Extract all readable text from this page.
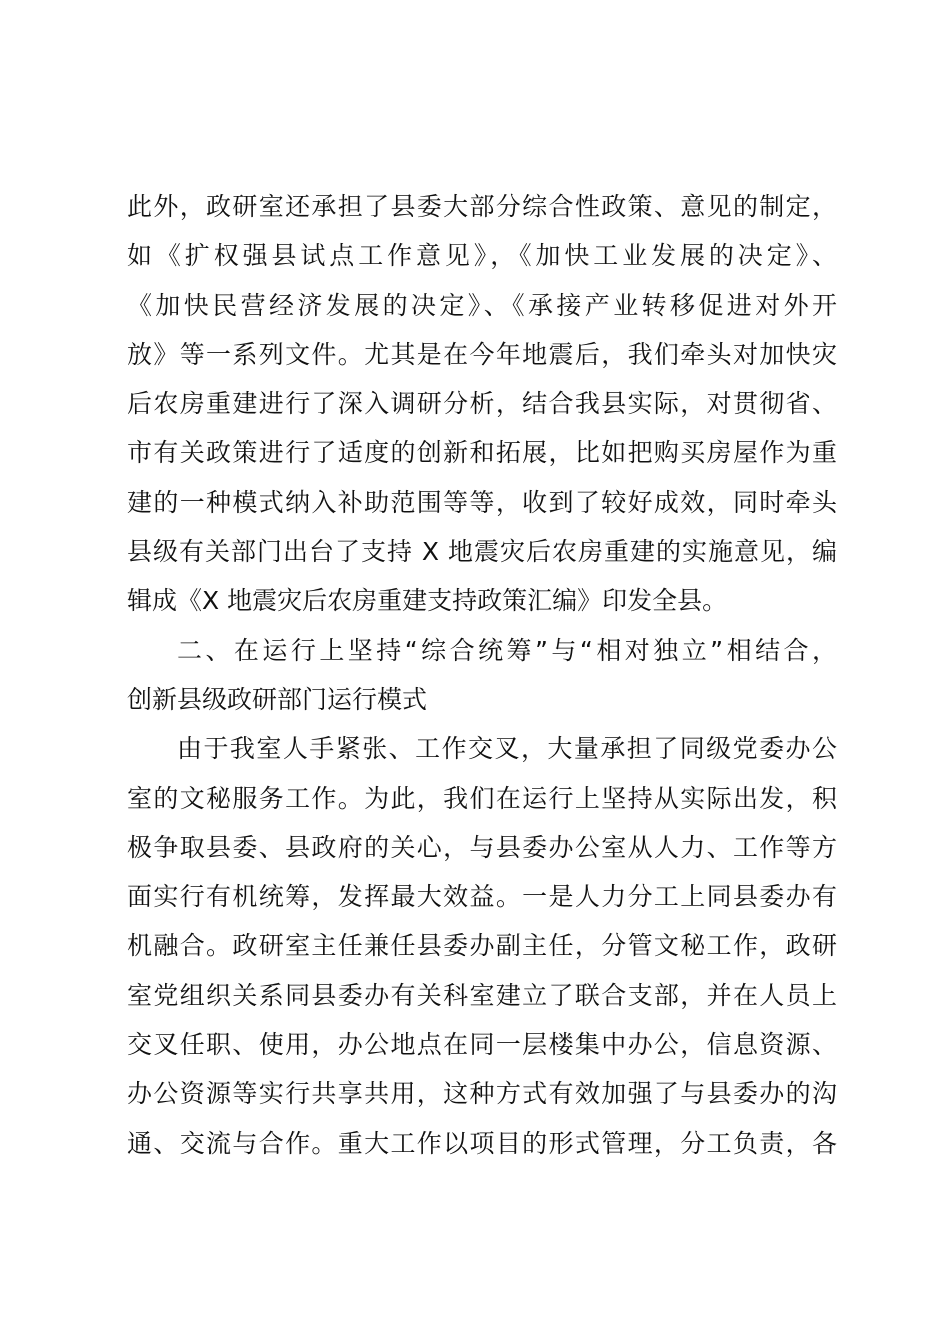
此外，政研室还承担了县委大部分综合性政策、意见的制定，
如《扩权强县试点工作意见》，《加快工业发展的决定》、
《加快民营经济发展的决定》、《承接产业转移促进对外开
放》等一系列文件。尤其是在今年地震后，我们牵头对加快灾
后农房重建进行了深入调研分析，结合我县实际，对贯彻省、
市有关政策进行了适度的创新和拓展，比如把购买房屋作为重
建的一种模式纳入补助范围等等，收到了较好成效，同时牵头
县级有关部门出台了支持 X 地震灾后农房重建的实施意见，编
辑成《X 地震灾后农房重建支持政策汇编》印发全县。
二、在运行上坚持“综合统筹”与“相对独立”相结合，
创新县级政研部门运行模式
由于我室人手紧张、工作交叉，大量承担了同级党委办公
室的文秘服务工作。为此，我们在运行上坚持从实际出发，积
极争取县委、县政府的关心，与县委办公室从人力、工作等方
面实行有机统筹，发挥最大效益。一是人力分工上同县委办有
机融合。政研室主任兼任县委办副主任，分管文秘工作，政研
室党组织关系同县委办有关科室建立了联合支部，并在人员上
交叉任职、使用，办公地点在同一层楼集中办公，信息资源、
办公资源等实行共享共用，这种方式有效加强了与县委办的沟
通、交流与合作。重大工作以项目的形式管理，分工负责，各
